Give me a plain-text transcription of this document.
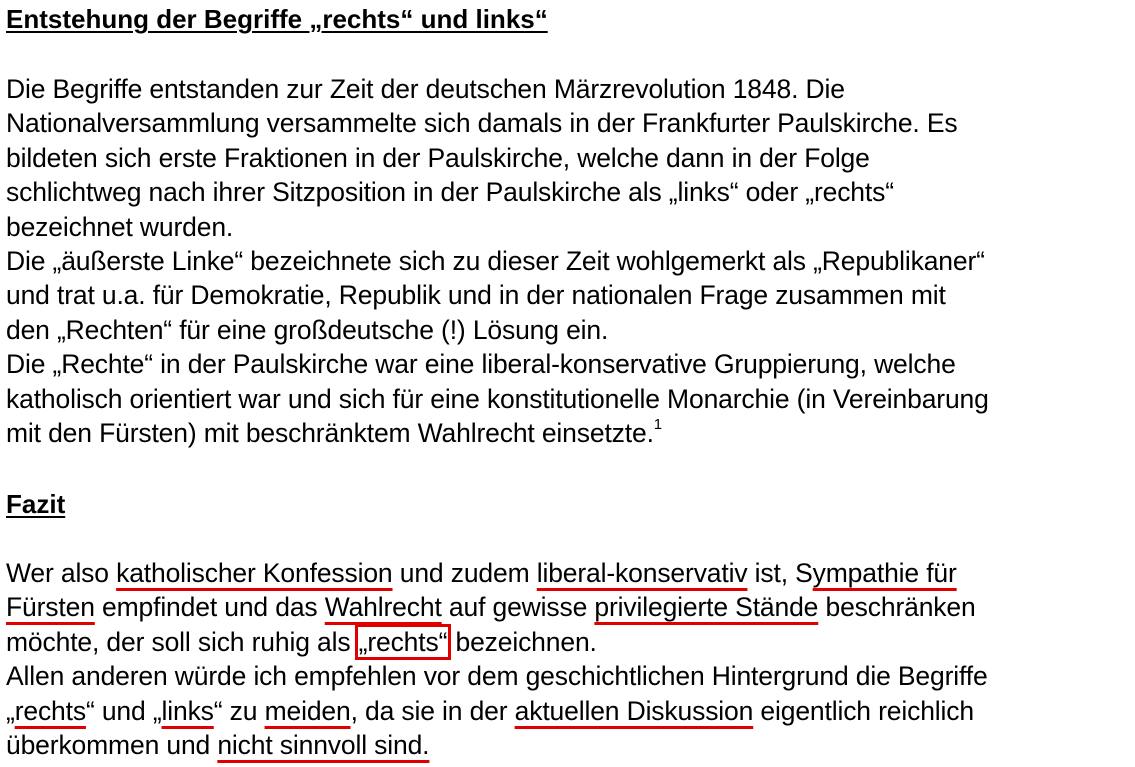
Entstehung der Begriffe „rechts“ und links“
Die Begriffe entstanden zur Zeit der deutschen Märzrevolution 1848. Die
Nationalversammlung versammelte sich damals in der Frankfurter Paulskirche. Es
bildeten sich erste Fraktionen in der Paulskirche, welche dann in der Folge
schlichtweg nach ihrer Sitzposition in der Paulskirche als „links“ oder „rechts“
bezeichnet wurden.
Die „äußerste Linke“ bezeichnete sich zu dieser Zeit wohlgemerkt als „Republikaner“
und trat u.a. für Demokratie, Republik und in der nationalen Frage zusammen mit
den „Rechten“ für eine großdeutsche (!) Lösung ein.
Die „Rechte“ in der Paulskirche war eine liberal-konservative Gruppierung, welche
katholisch orientiert war und sich für eine konstitutionelle Monarchie (in Vereinbarung
mit den Fürsten) mit beschränktem Wahlrecht einsetzte.$^1$
Fazit
Wer also katholischer Konfession und zudem liberal-konservativ ist, Sympathie für
Fürsten empfindet und das Wahlrecht auf gewisse privilegierte Stände beschränken
möchte, der soll sich ruhig als „rechts“ bezeichnen.
Allen anderen würde ich empfehlen vor dem geschichtlichen Hintergrund die Begriffe
„rechts“ und „links“ zu meiden, da sie in der aktuellen Diskussion eigentlich reichlich
überkommen und nicht sinnvoll sind.
